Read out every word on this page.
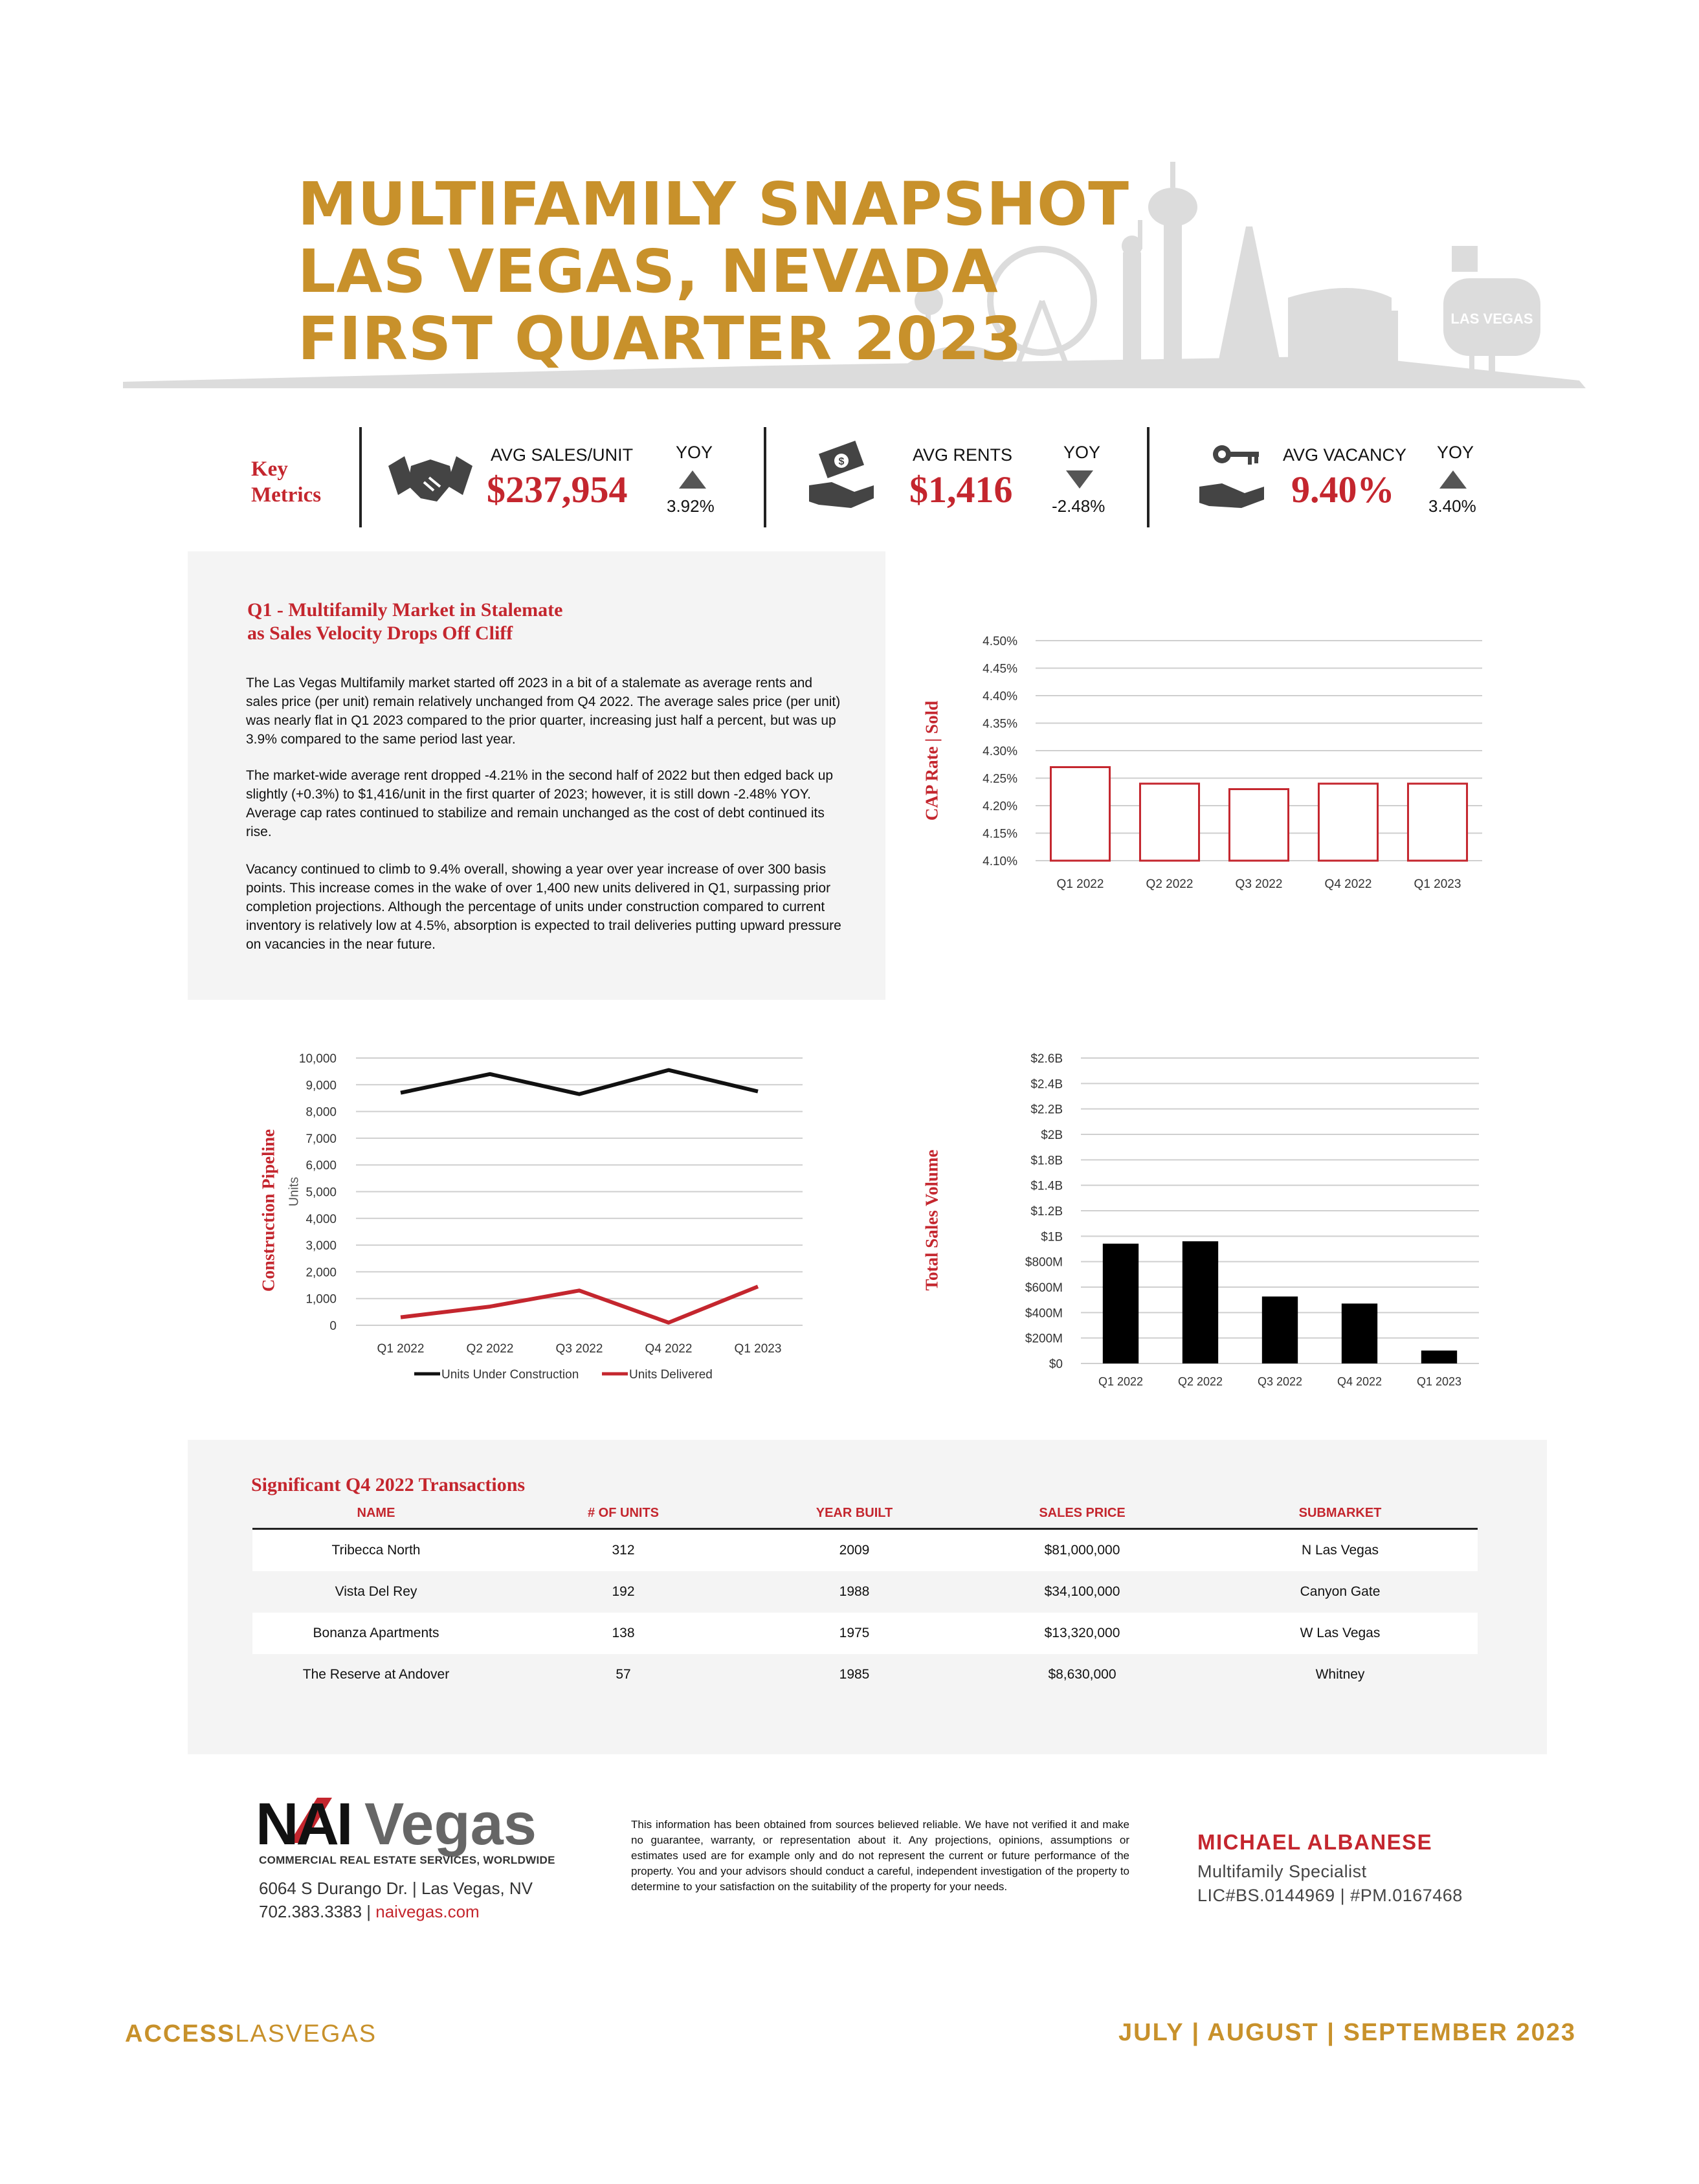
LAS VEGAS
MULTIFAMILY SNAPSHOT
LAS VEGAS, NEVADA
FIRST QUARTER 2023
Key
Metrics
AVG SALES/UNIT
$237,954
YOY
3.92%
$	AVG RENTS
$1,416
YOY
-2.48%
AVG VACANCY
9.40%
YOY
3.40%
Q1 - Multifamily Market in Stalemate
as Sales Velocity Drops Off Cliff

The Las Vegas Multifamily market started off 2023 in a bit of a stalemate as average rents and sales price (per unit) remain relatively unchanged from Q4 2022. The average sales price (per unit) was nearly flat in Q1 2023 compared to the prior quarter, increasing just half a percent, but was up 3.9% compared to the same period last year.

The market-wide average rent dropped -4.21% in the second half of 2022 but then edged back up slightly (+0.3%) to $1,416/unit in the first quarter of 2023; however, it is still down -2.48% YOY. Average cap rates continued to stabilize and remain unchanged as the cost of debt continued its rise.

Vacancy continued to climb to 9.4% overall, showing a year over year increase of over 300 basis points. This increase comes in the wake of over 1,400 new units delivered in Q1, surpassing prior completion projections. Although the percentage of units under construction compared to current inventory is relatively low at 4.5%, absorption is expected to trail deliveries putting upward pressure on vacancies in the near future.

CAP Rate | Sold
4.10%
4.15%
4.20%
4.25%
4.30%
4.35%
4.40%
4.45%
4.50%
Q1 2022	Q2 2022	Q3 2022	Q4 2022	Q1 2023
Construction Pipeline Units
0
1,000
2,000
3,000
4,000
5,000
6,000
7,000
8,000
9,000
10,000
Q1 2022	Q2 2022	Q3 2022	Q4 2022	Q1 2023
Units Under Construction	Units Delivered
Total Sales Volume
$0
$200M
$400M
$600M
$800M
$1B
$1.2B
$1.4B
$1.8B
$2B
$2.2B
$2.4B
$2.6B
Q1 2022	Q2 2022	Q3 2022	Q4 2022	Q1 2023
Significant Q4 2022 Transactions
NAME	# OF UNITS	YEAR BUILT	SALES PRICE	SUBMARKET
Tribecca North	312	2009	$81,000,000	N Las Vegas
Vista Del Rey	192	1988	$34,100,000	Canyon Gate
Bonanza Apartments	138	1975	$13,320,000	W Las Vegas
The Reserve at Andover	57	1985	$8,630,000	Whitney
NAI Vegas
COMMERCIAL REAL ESTATE SERVICES, WORLDWIDE
6064 S Durango Dr. | Las Vegas, NV
702.383.3383 | naivegas.com

This information has been obtained from sources believed reliable. We have not verified it and make no guarantee, warranty, or representation about it. Any projections, opinions, assumptions or estimates used are for example only and do not represent the current or future performance of the property. You and your advisors should conduct a careful, independent investigation of the property to determine to your satisfaction on the suitability of the property for your needs.

MICHAEL ALBANESE
Multifamily Specialist
LIC#BS.0144969 | #PM.0167468
ACCESSLASVEGAS	JULY | AUGUST | SEPTEMBER 2023
